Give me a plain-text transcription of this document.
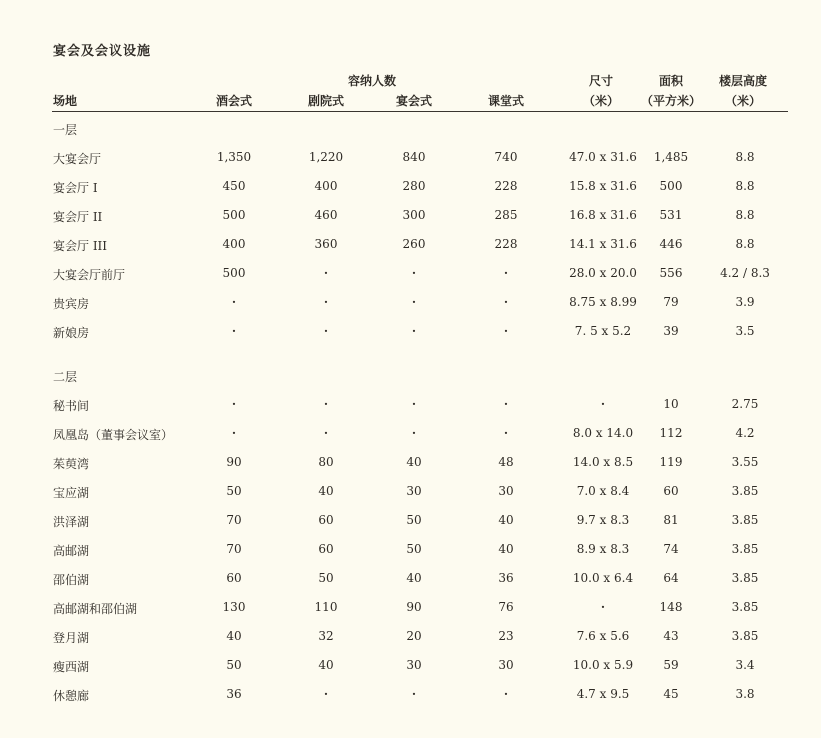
宴会及会议设施
容纳人数	尺寸	面积	楼层高度
场地	酒会式	剧院式	宴会式	课堂式	（米） （平方米） （米）
一层
大宴会厅	1,350	1,220	840	740	47.0 x 31.6 1,485	8.8
宴会厅 I	450	400	280	228	15.8 x 31.6 500	8.8
宴会厅 II	500	460	300	285	16.8 x 31.6 531	8.8
宴会厅 III	400	360	260	228	14.1 x 31.6 446	8.8
大宴会厅前厅	500	·	·	·	28.0 x 20.0 556	4.2 / 8.3
贵宾房	·	·	·	·	8.75 x 8.99 79	3.9
新娘房	·	·	·	·	7. 5 x 5.2	39	3.5
二层
秘书间	·	·	·	·	·	10	2.75
凤凰岛（董事会议室）	·	·	·	·	8.0 x 14.0 112	4.2
茱萸湾	90	80	40	48	14.0 x 8.5 119	3.55
宝应湖	50	40	30	30	7.0 x 8.4	60	3.85
洪泽湖	70	60	50	40	9.7 x 8.3	81	3.85
高邮湖	70	60	50	40	8.9 x 8.3	74	3.85
邵伯湖	60	50	40	36	10.0 x 6.4	64	3.85
高邮湖和邵伯湖	130	110	90	76	·	148	3.85
登月湖	40	32	20	23	7.6 x 5.6	43	3.85
瘦西湖	50	40	30	30	10.0 x 5.9	59	3.4
休憩廊	36	·	·	·	4.7 x 9.5	45	3.8
